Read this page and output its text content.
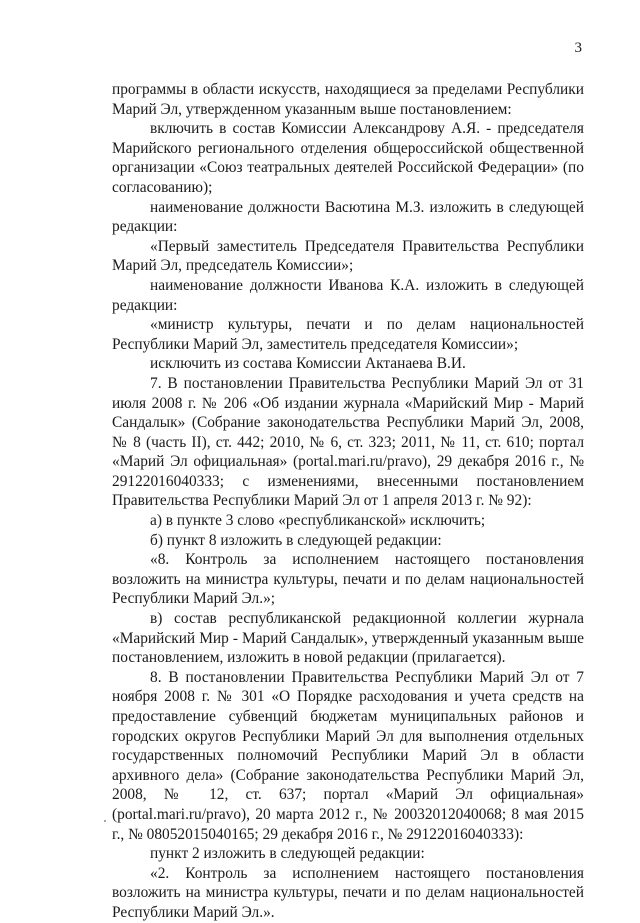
3

программы в области искусств, находящиеся за пределами Республики Марий Эл, утвержденном указанным выше постановлением:

включить в состав Комиссии Александрову А.Я. - председателя Марийского регионального отделения общероссийской общественной организации «Союз театральных деятелей Российской Федерации» (по согласованию);

наименование должности Васютина М.З. изложить в следующей редакции:

«Первый заместитель Председателя Правительства Республики Марий Эл, председатель Комиссии»;

наименование должности Иванова К.А. изложить в следующей редакции:

«министр культуры, печати и по делам национальностей Республики Марий Эл, заместитель председателя Комиссии»;

исключить из состава Комиссии Актанаева В.И.

7. В постановлении Правительства Республики Марий Эл от 31 июля 2008 г. № 206 «Об издании журнала «Марийский Мир - Марий Сандалык» (Собрание законодательства Республики Марий Эл, 2008, № 8 (часть II), ст. 442; 2010, № 6, ст. 323; 2011, № 11, ст. 610; портал «Марий Эл официальная» (portal.mari.ru/pravo), 29 декабря 2016 г., № 29122016040333; с изменениями, внесенными постановлением Правительства Республики Марий Эл от 1 апреля 2013 г. № 92):

а) в пункте 3 слово «республиканской» исключить;

б) пункт 8 изложить в следующей редакции:

«8. Контроль за исполнением настоящего постановления возложить на министра культуры, печати и по делам национальностей Республики Марий Эл.»;

в) состав республиканской редакционной коллегии журнала «Марийский Мир - Марий Сандалык», утвержденный указанным выше постановлением, изложить в новой редакции (прилагается).

8. В постановлении Правительства Республики Марий Эл от 7 ноября 2008 г. № 301 «О Порядке расходования и учета средств на предоставление субвенций бюджетам муниципальных районов и городских округов Республики Марий Эл для выполнения отдельных государственных полномочий Республики Марий Эл в области архивного дела» (Собрание законодательства Республики Марий Эл, 2008, № 12, ст. 637; портал «Марий Эл официальная» (portal.mari.ru/pravo), 20 марта 2012 г., № 20032012040068; 8 мая 2015 г., № 08052015040165; 29 декабря 2016 г., № 29122016040333):

пункт 2 изложить в следующей редакции:

«2. Контроль за исполнением настоящего постановления возложить на министра культуры, печати и по делам национальностей Республики Марий Эл.».
